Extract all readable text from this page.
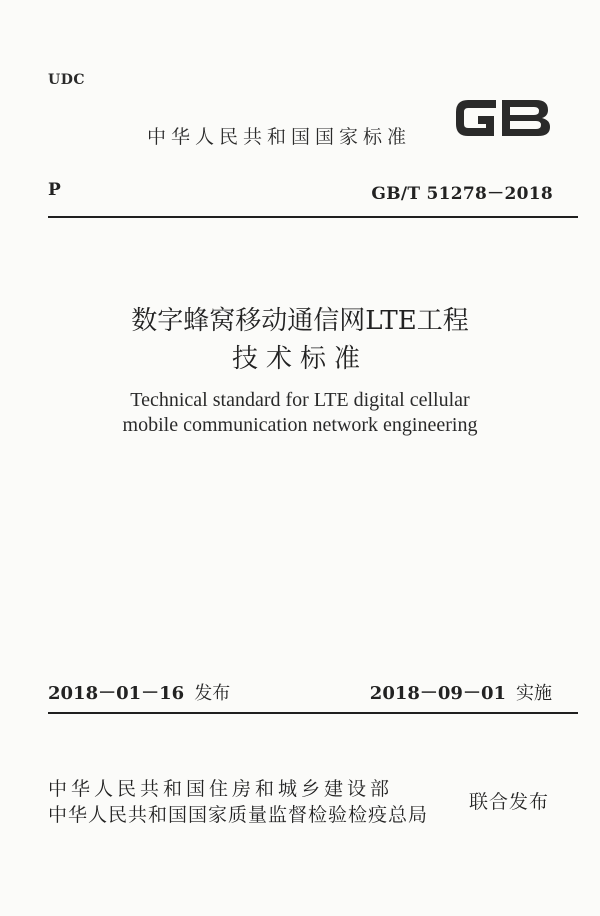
UDC
中华人民共和国国家标准
P	GB/T 51278－2018
数字蜂窝移动通信网LTE工程
技术标准
Technical standard for LTE digital cellular
mobile communication network engineering
2018－01－16 发布	2018－09－01 实施
中华人民共和国住房和城乡建设部
中华人民共和国国家质量监督检验检疫总局
联合发布
